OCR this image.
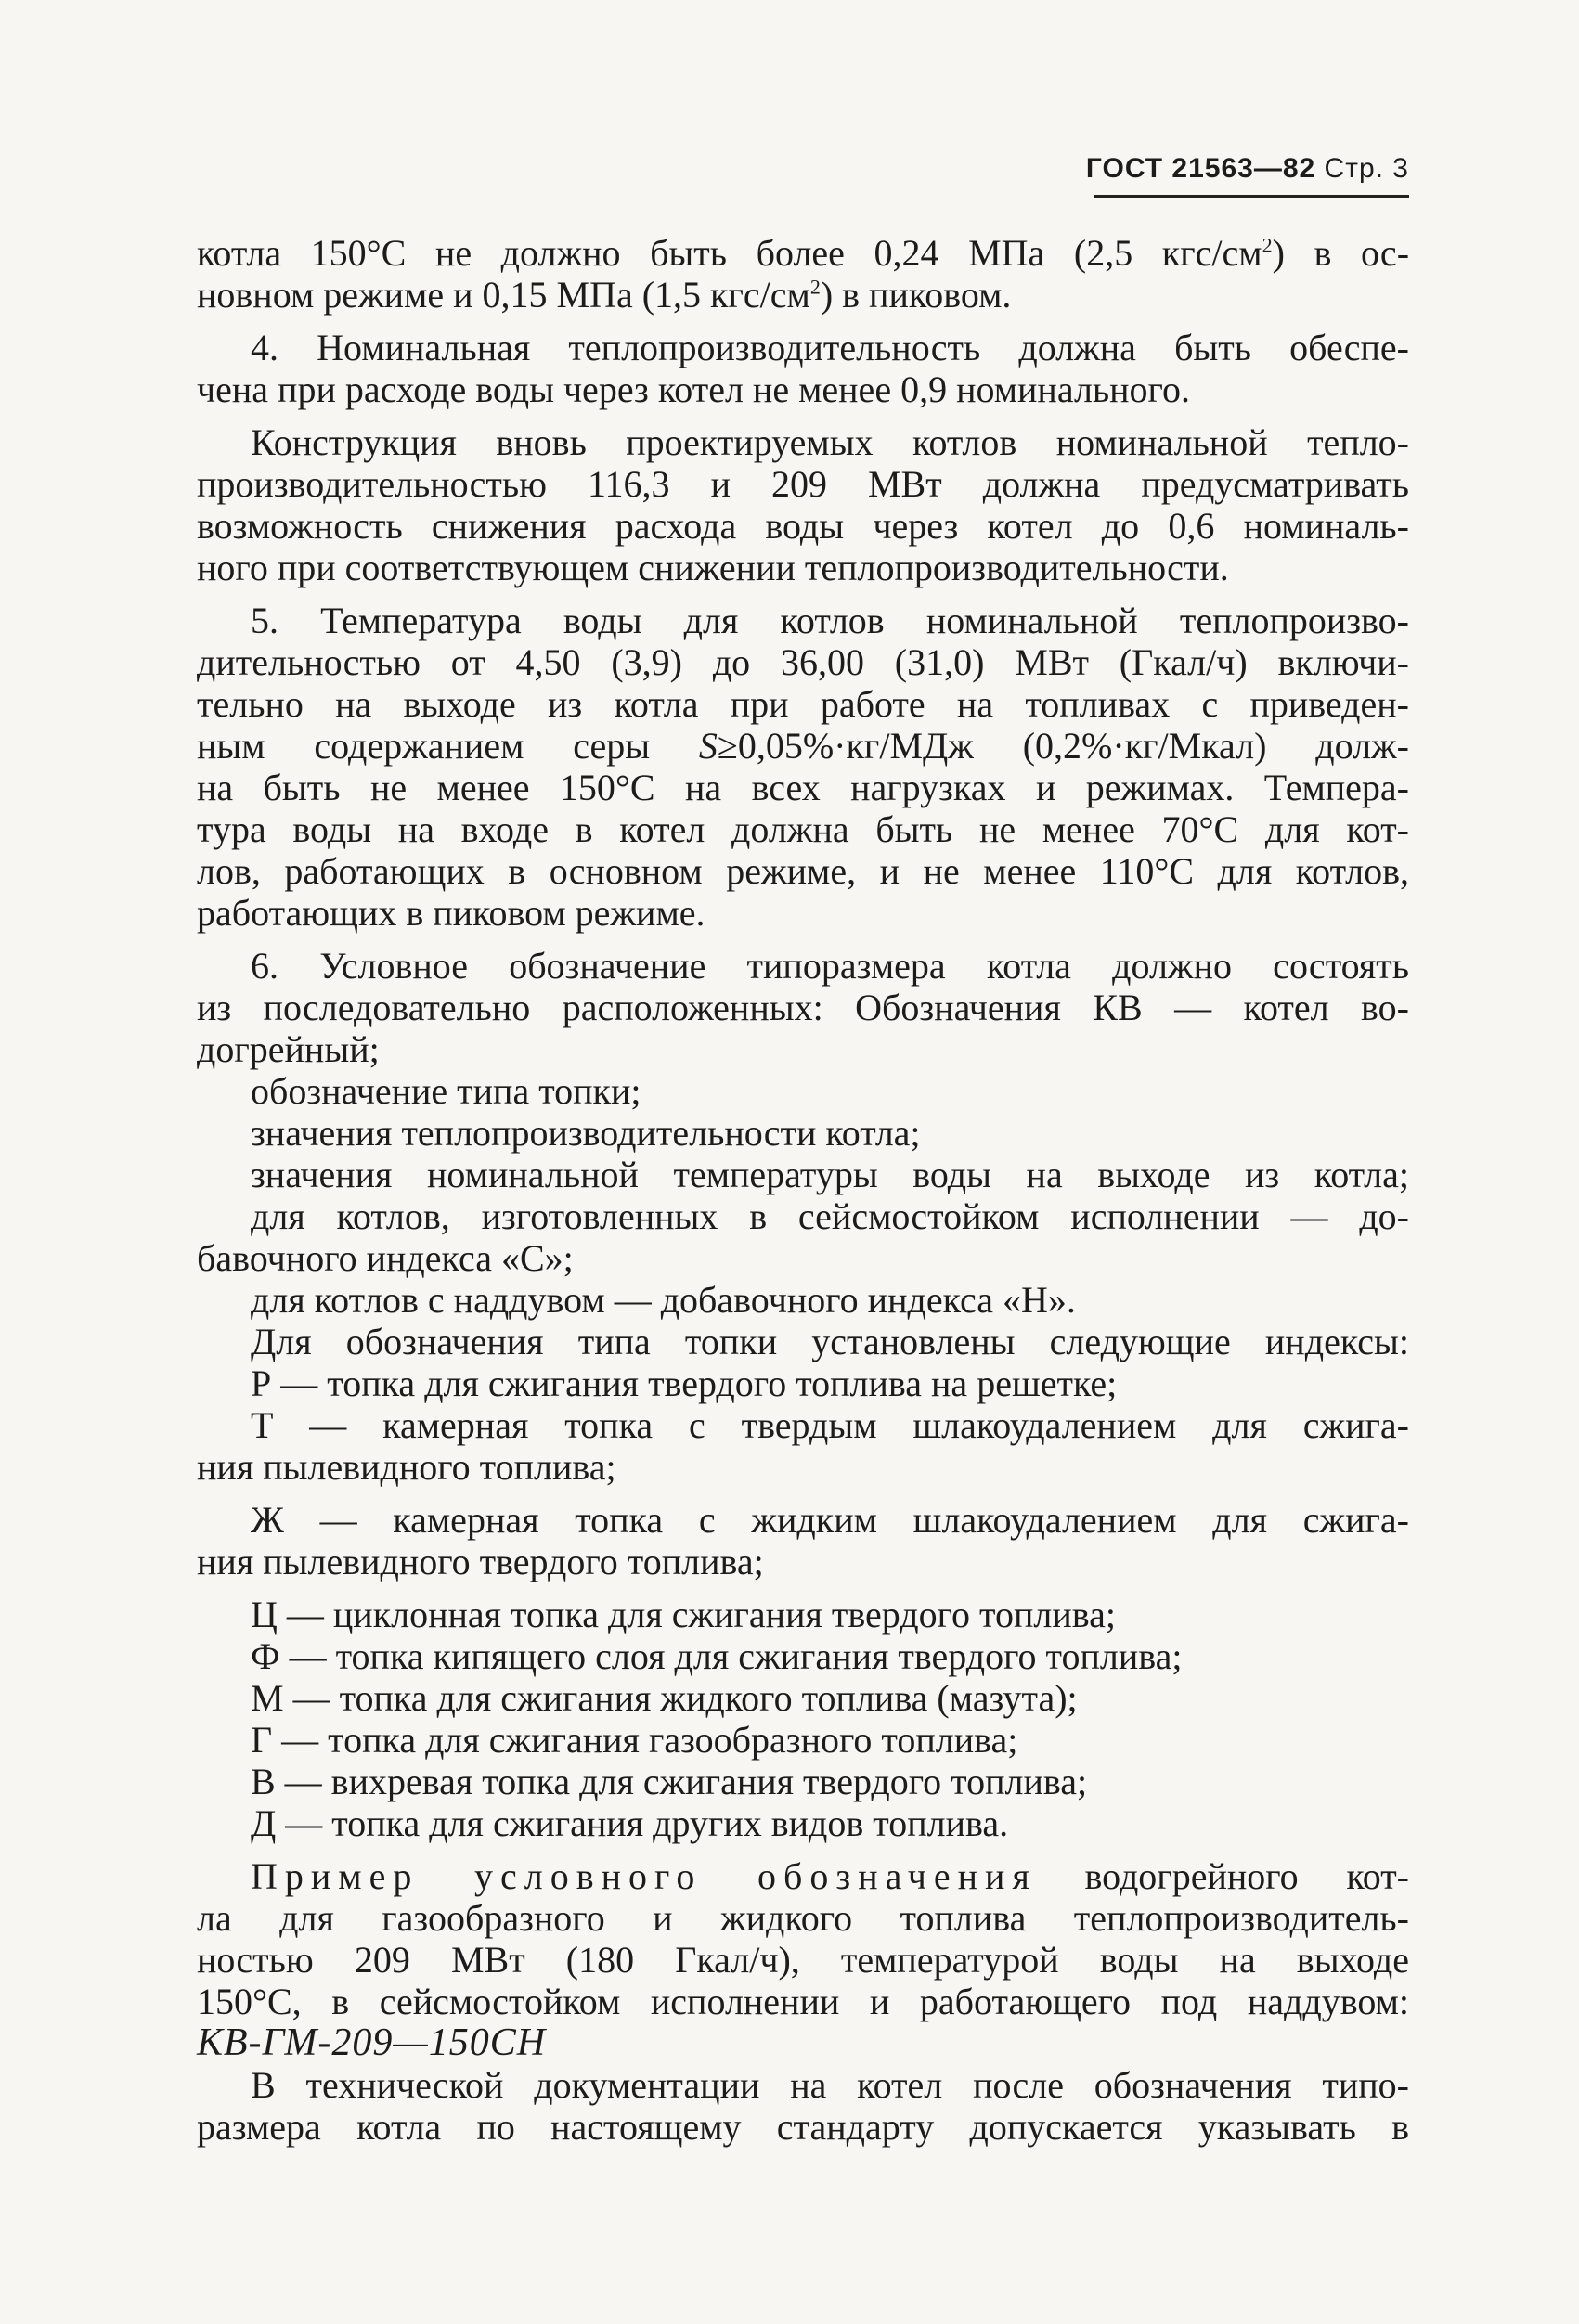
ГОСТ 21563—82 Стр. 3

котла 150°С не должно быть более 0,24 МПа (2,5 кгс/$см^2$) в ос-

новном режиме и 0,15 МПа (1,5 кгс/$см^2$) в пиковом.

4. Номинальная теплопроизводительность должна быть обеспе-

чена при расходе воды через котел не менее 0,9 номинального.

Конструкция вновь проектируемых котлов номинальной тепло-

производительностью 116,3 и 209 МВт должна предусматривать

возможность снижения расхода воды через котел до 0,6 номиналь-

ного при соответствующем снижении теплопроизводительности.

5. Температура воды для котлов номинальной теплопроизво-

дительностью от 4,50 (3,9) до 36,00 (31,0) МВт (Гкал/ч) включи-

тельно на выходе из котла при работе на топливах с приведен-

ным содержанием серы S≥0,05%·кг/МДж (0,2%·кг/Мкал) долж-

на быть не менее 150°С на всех нагрузках и режимах. Темпера-

тура воды на входе в котел должна быть не менее 70°С для кот-

лов, работающих в основном режиме, и не менее 110°С для котлов,

работающих в пиковом режиме.

6. Условное обозначение типоразмера котла должно состоять

из последовательно расположенных: Обозначения КВ — котел во-

догрейный;

обозначение типа топки;

значения теплопроизводительности котла;

значения номинальной температуры воды на выходе из котла;

для котлов, изготовленных в сейсмостойком исполнении — до-

бавочного индекса «С»;

для котлов с наддувом — добавочного индекса «Н».

Для обозначения типа топки установлены следующие индексы:

Р — топка для сжигания твердого топлива на решетке;

Т — камерная топка с твердым шлакоудалением для сжига-

ния пылевидного топлива;

Ж — камерная топка с жидким шлакоудалением для сжига-

ния пылевидного твердого топлива;

Ц — циклонная топка для сжигания твердого топлива;

Ф — топка кипящего слоя для сжигания твердого топлива;

М — топка для сжигания жидкого топлива (мазута);

Г — топка для сжигания газообразного топлива;

В — вихревая топка для сжигания твердого топлива;

Д — топка для сжигания других видов топлива.

Пример условного обозначения водогрейного кот-

ла для газообразного и жидкого топлива теплопроизводитель-

ностью 209 МВт (180 Гкал/ч), температурой воды на выходе

150°С, в сейсмостойком исполнении и работающего под наддувом:

КВ-ГМ-209—150СН

В технической документации на котел после обозначения типо-

размера котла по настоящему стандарту допускается указывать в
